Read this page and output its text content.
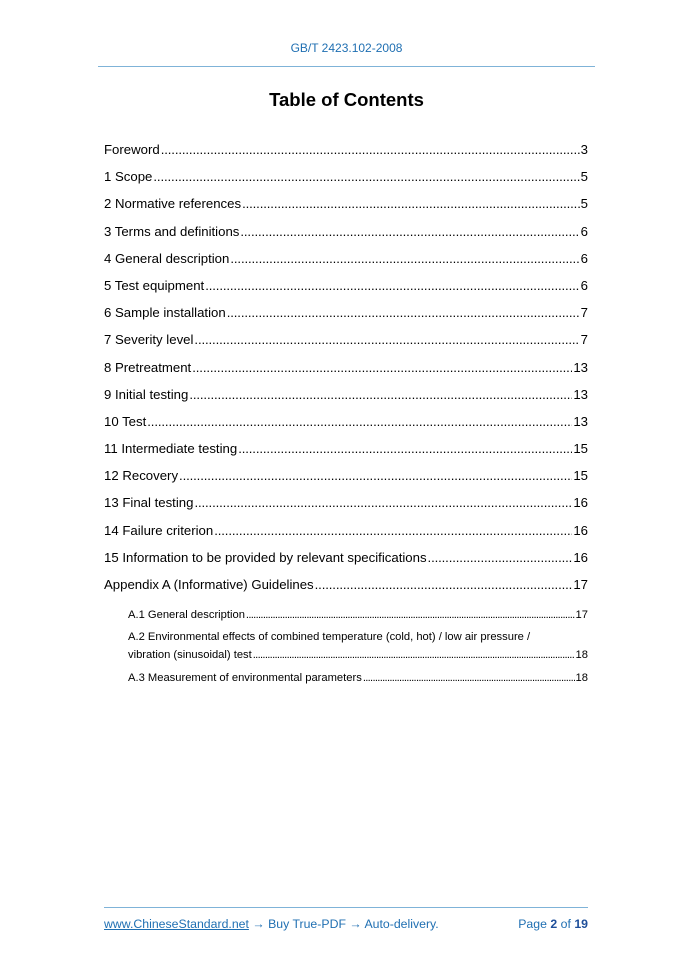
GB/T 2423.102-2008
Table of Contents
Foreword . . .	3
1 Scope . . .	5
2 Normative references . . .	5
3 Terms and definitions . . .	6
4 General description . . .	6
5 Test equipment . . .	6
6 Sample installation . . .	7
7 Severity level . . .	7
8 Pretreatment . . .	13
9 Initial testing . . .	13
10 Test . . .	13
11 Intermediate testing . . .	15
12 Recovery . . .	15
13 Final testing . . .	16
14 Failure criterion . . .	16
15 Information to be provided by relevant specifications . . .	16
Appendix A (Informative) Guidelines . . .	17
A.1 General description . . .	17
A.2 Environmental effects of combined temperature (cold, hot) / low air pressure /
vibration (sinusoidal) test . . .	18
A.3 Measurement of environmental parameters . . .	18
www.ChineseStandard.net → Buy True-PDF → Auto-delivery.	Page 2 of 19
